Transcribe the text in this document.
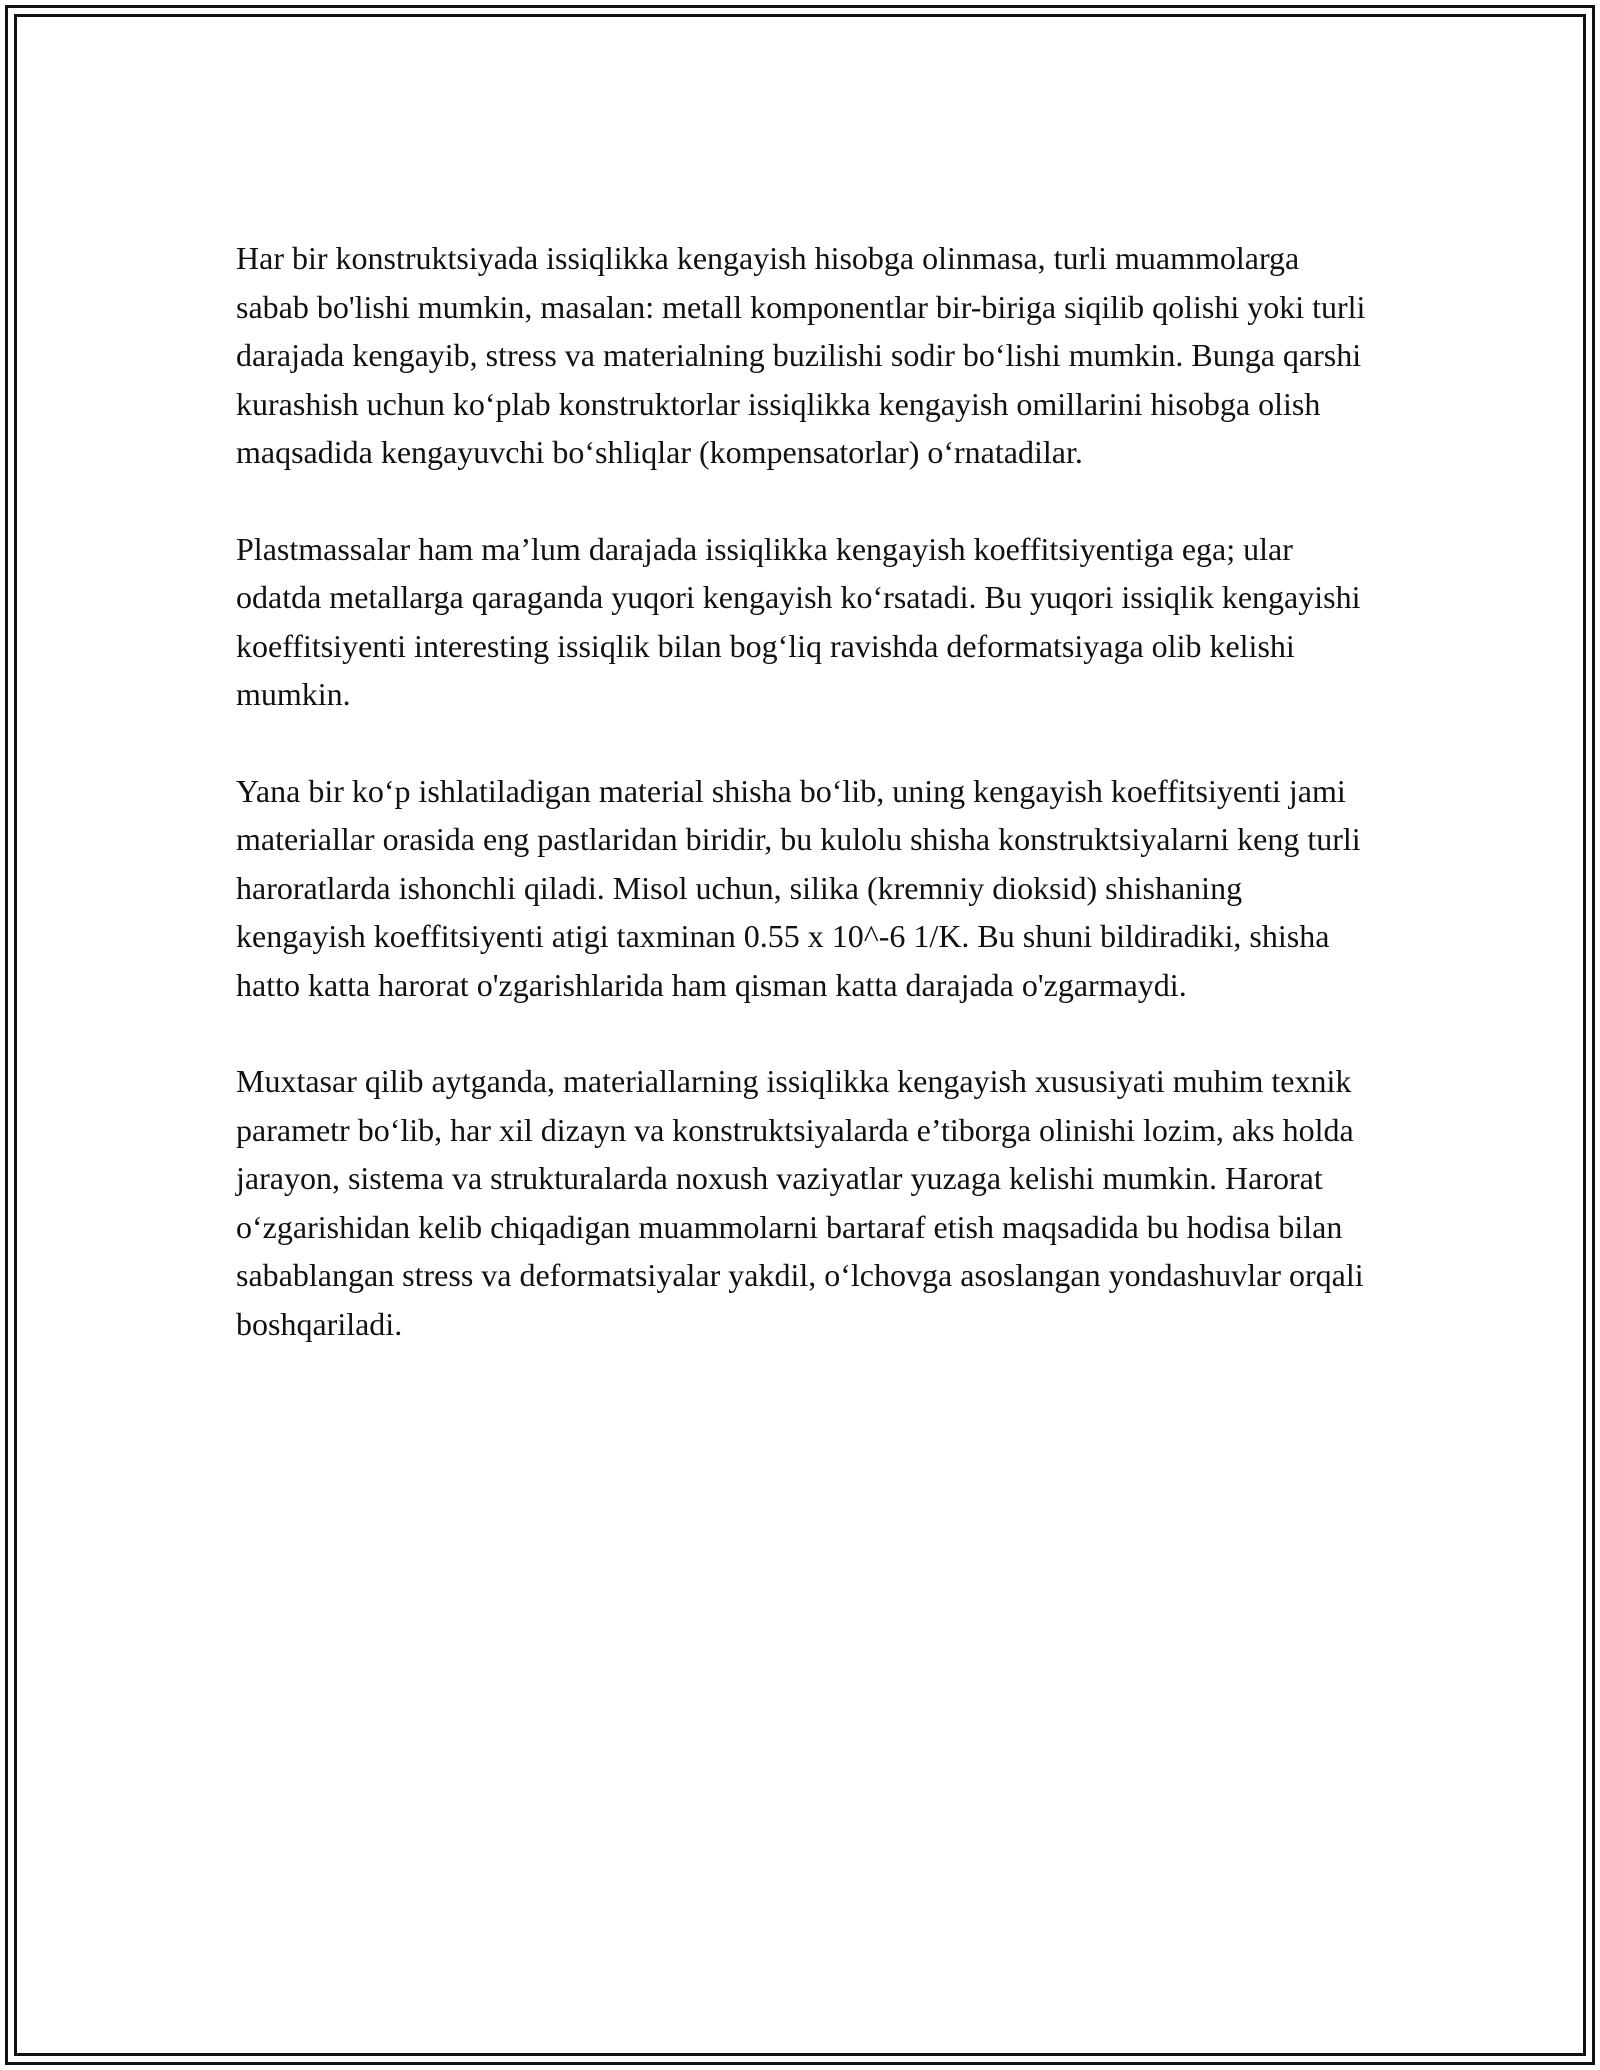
Har bir konstruktsiyada issiqlikka kengayish hisobga olinmasa, turli muammolarga sabab bo'lishi mumkin, masalan: metall komponentlar bir-biriga siqilib qolishi yoki turli darajada kengayib, stress va materialning buzilishi sodir bo‘lishi mumkin. Bunga qarshi kurashish uchun ko‘plab konstruktorlar issiqlikka kengayish omillarini hisobga olish maqsadida kengayuvchi bo‘shliqlar (kompensatorlar) o‘rnatadilar.

Plastmassalar ham ma’lum darajada issiqlikka kengayish koeffitsiyentiga ega; ular odatda metallarga qaraganda yuqori kengayish ko‘rsatadi. Bu yuqori issiqlik kengayishi koeffitsiyenti interesting issiqlik bilan bog‘liq ravishda deformatsiyaga olib kelishi mumkin.

Yana bir ko‘p ishlatiladigan material shisha bo‘lib, uning kengayish koeffitsiyenti jami materiallar orasida eng pastlaridan biridir, bu kulolu shisha konstruktsiyalarni keng turli haroratlarda ishonchli qiladi. Misol uchun, silika (kremniy dioksid) shishaning kengayish koeffitsiyenti atigi taxminan 0.55 x 10^-6 1/K. Bu shuni bildiradiki, shisha hatto katta harorat o'zgarishlarida ham qisman katta darajada o'zgarmaydi.

Muxtasar qilib aytganda, materiallarning issiqlikka kengayish xususiyati muhim texnik parametr bo‘lib, har xil dizayn va konstruktsiyalarda e’tiborga olinishi lozim, aks holda jarayon, sistema va strukturalarda noxush vaziyatlar yuzaga kelishi mumkin. Harorat o‘zgarishidan kelib chiqadigan muammolarni bartaraf etish maqsadida bu hodisa bilan sabablangan stress va deformatsiyalar yakdil, o‘lchovga asoslangan yondashuvlar orqali boshqariladi.
